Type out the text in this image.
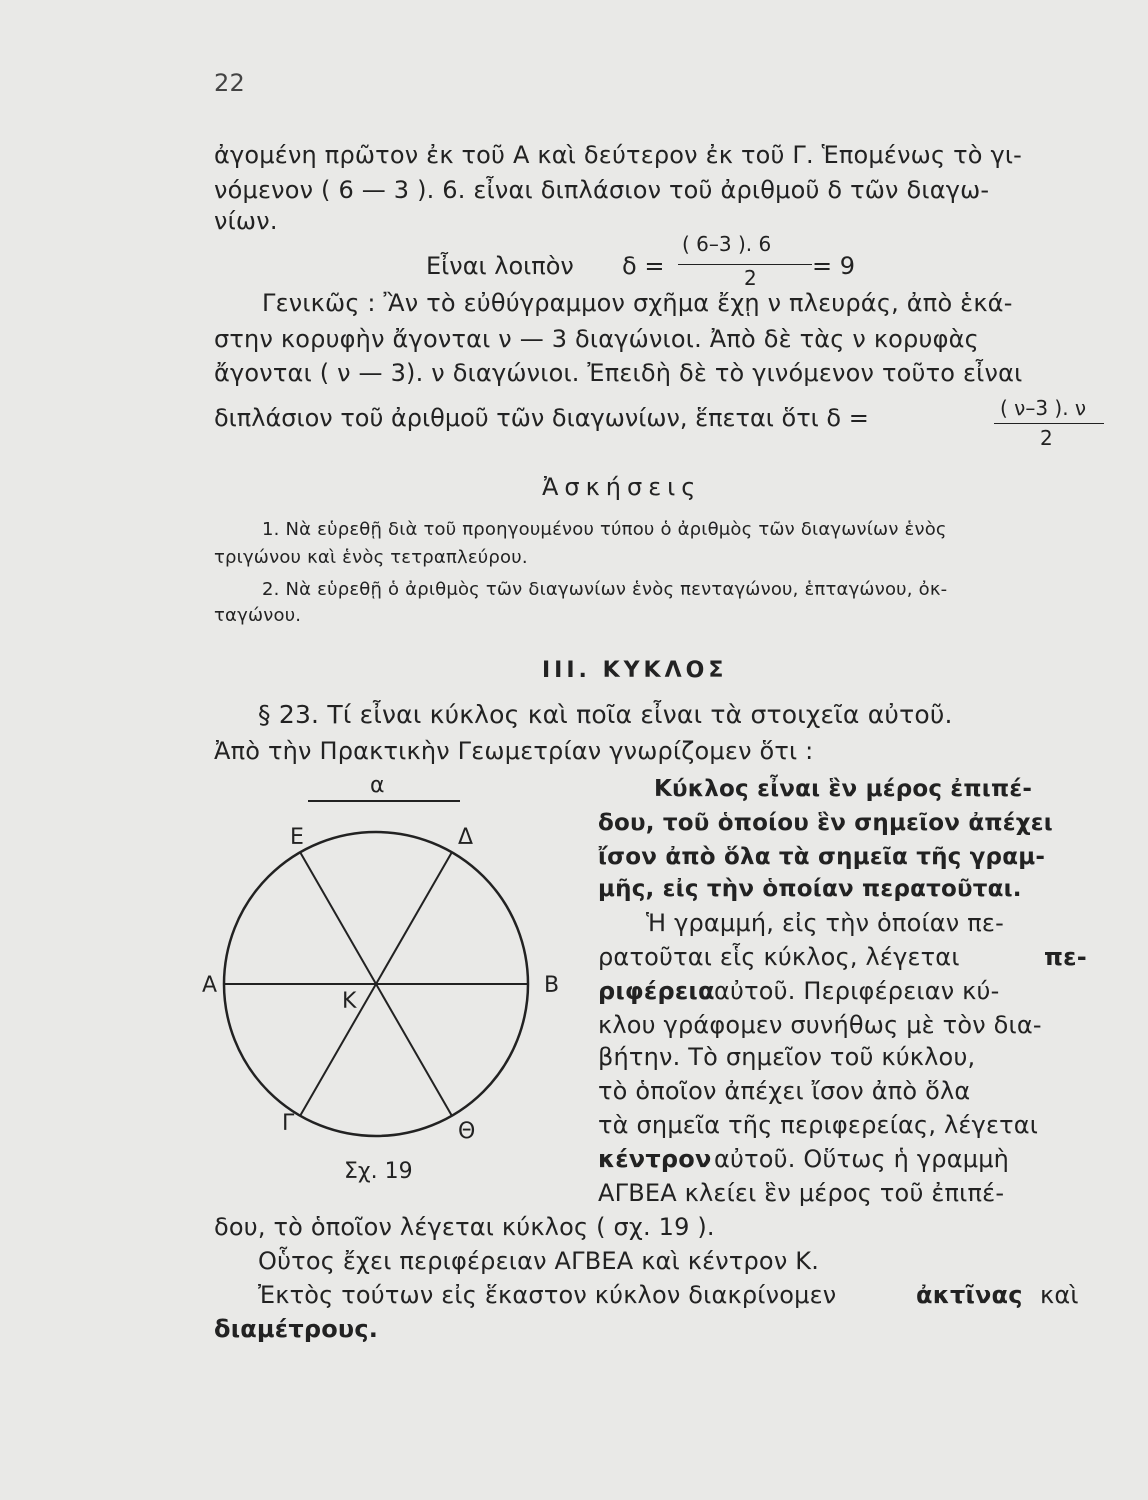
22
ἀγομένη πρῶτον ἐκ τοῦ Α καὶ δεύτερον ἐκ τοῦ Γ. Ἑπομένως τὸ γι-
νόμενον ( 6 — 3 ). 6. εἶναι διπλάσιον τοῦ ἀριθμοῦ δ τῶν διαγω-
νίων.
Εἶναι λοιπὸν δ =
( 6–3 ). 6
2 = 9
Γενικῶς : Ἂν τὸ εὐθύγραμμον σχῆμα ἔχῃ ν πλευράς, ἀπὸ ἑκά-
στην κορυφὴν ἄγονται ν — 3 διαγώνιοι. Ἀπὸ δὲ τὰς ν κορυφὰς
ἄγονται ( ν — 3). ν διαγώνιοι. Ἐπειδὴ δὲ τὸ γινόμενον τοῦτο εἶναι
διπλάσιον τοῦ ἀριθμοῦ τῶν διαγωνίων, ἕπεται ὅτι δ =	( ν–3 ). ν
2
Ἀσκήσεις
1. Νὰ εὑρεθῇ διὰ τοῦ προηγουμένου τύπου ὁ ἀριθμὸς τῶν διαγωνίων ἑνὸς
τριγώνου καὶ ἑνὸς τετραπλεύρου.
2. Νὰ εὑρεθῇ ὁ ἀριθμὸς τῶν διαγωνίων ἑνὸς πενταγώνου, ἑπταγώνου, ὀκ-
ταγώνου.
III. ΚΥΚΛΟΣ
§ 23. Τί εἶναι κύκλος καὶ ποῖα εἶναι τὰ στοιχεῖα αὐτοῦ.
Ἀπὸ τὴν Πρακτικὴν Γεωμετρίαν γνωρίζομεν ὅτι :
Κύκλος εἶναι ἓν μέρος ἐπιπέ-
δου, τοῦ ὁποίου ἓν σημεῖον ἀπέχει
ἴσον ἀπὸ ὅλα τὰ σημεῖα τῆς γραμ-
μῆς, εἰς τὴν ὁποίαν περατοῦται.
Ἡ γραμμή, εἰς τὴν ὁποίαν πε-
ρατοῦται εἷς κύκλος, λέγεται	πε-
ριφέρεια αὐτοῦ. Περιφέρειαν κύ-
κλου γράφομεν συνήθως μὲ τὸν δια-
βήτην. Τὸ σημεῖον τοῦ κύκλου,
τὸ ὁποῖον ἀπέχει ἴσον ἀπὸ ὅλα
τὰ σημεῖα τῆς περιφερείας, λέγεται
κέντρον αὐτοῦ. Οὕτως ἡ γραμμὴ
ΑΓΒΕΑ κλείει ἓν μέρος τοῦ ἐπιπέ-
δου, τὸ ὁποῖον λέγεται κύκλος ( σχ. 19 ).
Οὗτος ἔχει περιφέρειαν ΑΓΒΕΑ καὶ κέντρον Κ.
Ἐκτὸς τούτων εἰς ἕκαστον κύκλον διακρίνομεν	ἀκτῖνας καὶ
διαμέτρους.
α
Ε	Δ
Α	Β
Κ
Γ	Θ
Σχ. 19
